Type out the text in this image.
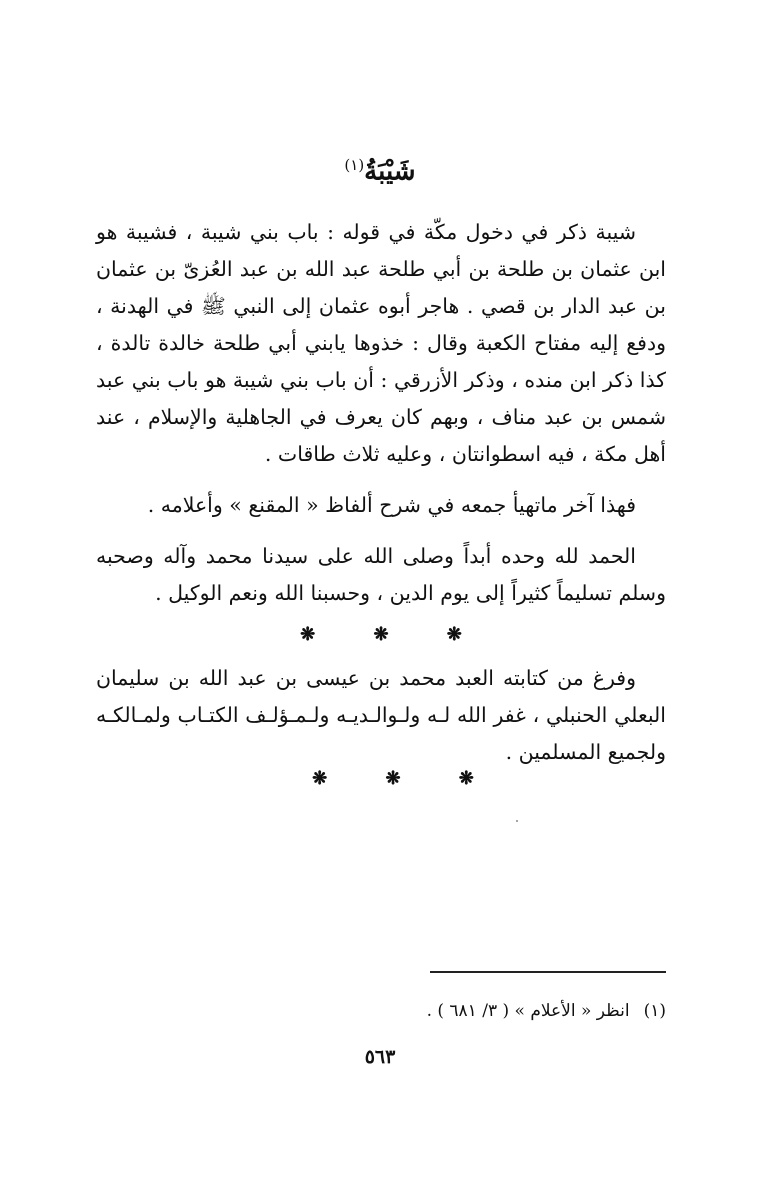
شَيْبَةُ$^{(١)}$

شيبة ذكر في دخول مكّة في قوله : باب بني شيبة ، فشيبة هو ابن عثمان بن طلحة بن أبي طلحة عبد الله بن عبد العُزىّ بن عثمان بن عبد الدار بن قصي . هاجر أبوه عثمان إلى النبي ﷺ في الهدنة ، ودفع إليه مفتاح الكعبة وقال : خذوها يابني أبي طلحة خالدة تالدة ، كذا ذكر ابن منده ، وذكر الأزرقي : أن باب بني شيبة هو باب بني عبد شمس بن عبد مناف ، وبهم كان يعرف في الجاهلية والإسلام ، عند أهل مكة ، فيه اسطوانتان ، وعليه ثلاث طاقات .

فهذا آخر ماتهيأ جمعه في شرح ألفاظ « المقنع » وأعلامه .

الحمد لله وحده أبداً وصلى الله على سيدنا محمد وآله وصحبه وسلم تسليماً كثيراً إلى يوم الدين ، وحسبنا الله ونعم الوكيل .

❋ ❋ ❋

وفرغ من كتابته العبد محمد بن عيسى بن عبد الله بن سليمان البعلي الحنبلي ، غفر الله لـه ولـوالـديـه ولـمـؤلـف الكتـاب ولمـالكـه ولجميع المسلمين .

❋ ❋ ❋
(١)انظر « الأعلام » ( ٣/ ٦٨١ ) .
٥٦٣
